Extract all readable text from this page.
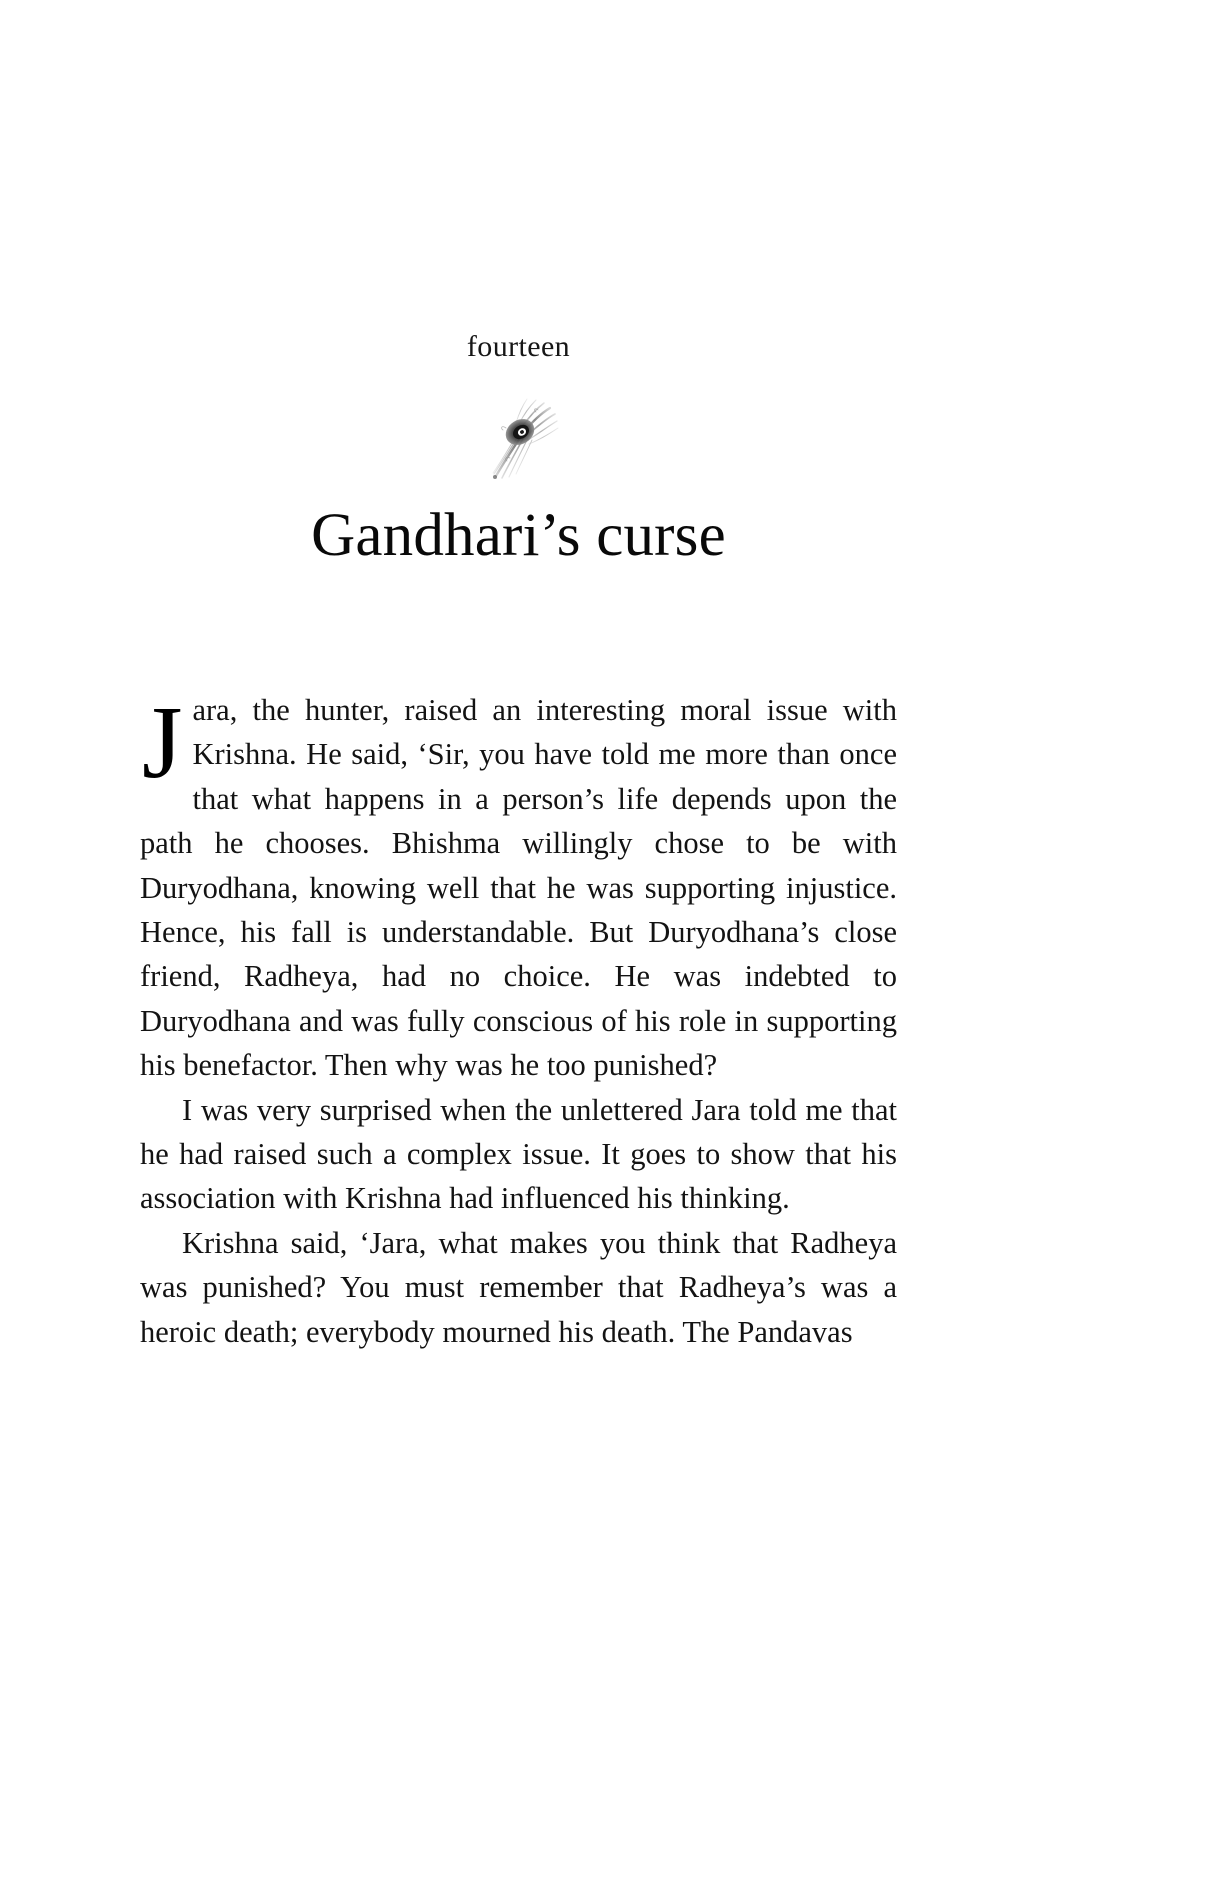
fourteen
Gandhari’s curse

Jara, the hunter, raised an interesting moral issue with Krishna. He said, ‘Sir, you have told me more than once that what happens in a person’s life depends upon the path he chooses. Bhishma willingly chose to be with Duryodhana, knowing well that he was supporting injustice. Hence, his fall is understandable. But Duryodhana’s close friend, Radheya, had no choice. He was indebted to Duryodhana and was fully conscious of his role in supporting his benefactor. Then why was he too punished?

I was very surprised when the unlettered Jara told me that he had raised such a complex issue. It goes to show that his association with Krishna had influenced his thinking.

Krishna said, ‘Jara, what makes you think that Radheya was punished? You must remember that Radheya’s was a heroic death; everybody mourned his death. The Pandavas
